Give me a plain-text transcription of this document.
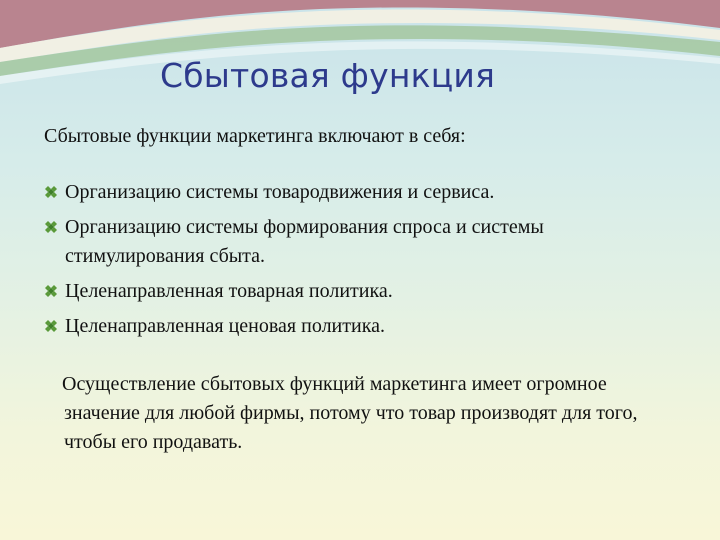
Сбытовая функция

Сбытовые функции маркетинга включают в себя:

Организацию системы товародвижения и сервиса.
Организацию системы формирования спроса и системы стимулирования сбыта.
Целенаправленная товарная политика.
Целенаправленная ценовая политика.

Осуществление сбытовых функций маркетинга имеет огромное значение для любой фирмы, потому что товар производят для того, чтобы его продавать.
